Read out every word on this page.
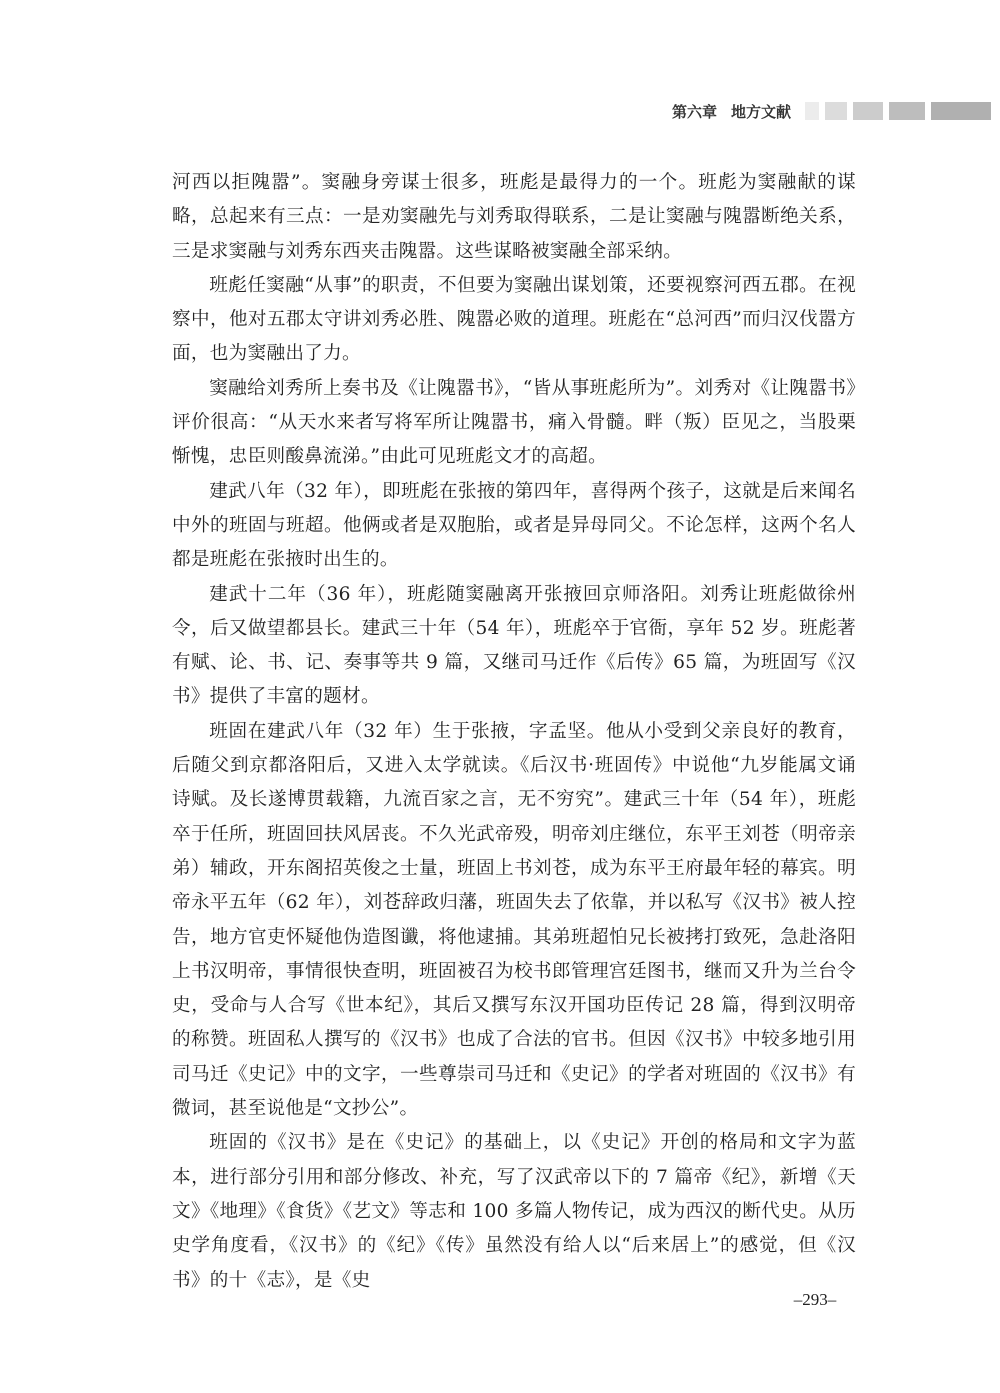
第六章 地方文献

河西以拒隗嚣”。窦融身旁谋士很多，班彪是最得力的一个。班彪为窦融献的谋略，总起来有三点：一是劝窦融先与刘秀取得联系，二是让窦融与隗嚣断绝关系，三是求窦融与刘秀东西夹击隗嚣。这些谋略被窦融全部采纳。

班彪任窦融“从事”的职责，不但要为窦融出谋划策，还要视察河西五郡。在视察中，他对五郡太守讲刘秀必胜、隗嚣必败的道理。班彪在“总河西”而归汉伐嚣方面，也为窦融出了力。

窦融给刘秀所上奏书及《让隗嚣书》，“皆从事班彪所为”。刘秀对《让隗嚣书》评价很高：“从天水来者写将军所让隗嚣书，痛入骨髓。畔（叛）臣见之，当股栗惭愧，忠臣则酸鼻流涕。”由此可见班彪文才的高超。

建武八年（32 年），即班彪在张掖的第四年，喜得两个孩子，这就是后来闻名中外的班固与班超。他俩或者是双胞胎，或者是异母同父。不论怎样，这两个名人都是班彪在张掖时出生的。

建武十二年（36 年），班彪随窦融离开张掖回京师洛阳。刘秀让班彪做徐州令，后又做望都县长。建武三十年（54 年），班彪卒于官衙，享年 52 岁。班彪著有赋、论、书、记、奏事等共 9 篇，又继司马迁作《后传》65 篇，为班固写《汉书》提供了丰富的题材。

班固在建武八年（32 年）生于张掖，字孟坚。他从小受到父亲良好的教育，后随父到京都洛阳后，又进入太学就读。《后汉书·班固传》中说他“九岁能属文诵诗赋。及长遂博贯载籍，九流百家之言，无不穷究”。建武三十年（54 年），班彪卒于任所，班固回扶风居丧。不久光武帝殁，明帝刘庄继位，东平王刘苍（明帝亲弟）辅政，开东阁招英俊之士量，班固上书刘苍，成为东平王府最年轻的幕宾。明帝永平五年（62 年），刘苍辞政归藩，班固失去了依靠，并以私写《汉书》被人控告，地方官吏怀疑他伪造图谶，将他逮捕。其弟班超怕兄长被拷打致死，急赴洛阳上书汉明帝，事情很快查明，班固被召为校书郎管理宫廷图书，继而又升为兰台令史，受命与人合写《世本纪》，其后又撰写东汉开国功臣传记 28 篇，得到汉明帝的称赞。班固私人撰写的《汉书》也成了合法的官书。但因《汉书》中较多地引用司马迁《史记》中的文字，一些尊崇司马迁和《史记》的学者对班固的《汉书》有微词，甚至说他是“文抄公”。

班固的《汉书》是在《史记》的基础上，以《史记》开创的格局和文字为蓝本，进行部分引用和部分修改、补充，写了汉武帝以下的 7 篇帝《纪》，新增《天文》《地理》《食货》《艺文》等志和 100 多篇人物传记，成为西汉的断代史。从历史学角度看，《汉书》的《纪》《传》虽然没有给人以“后来居上”的感觉，但《汉书》的十《志》，是《史

–293–
